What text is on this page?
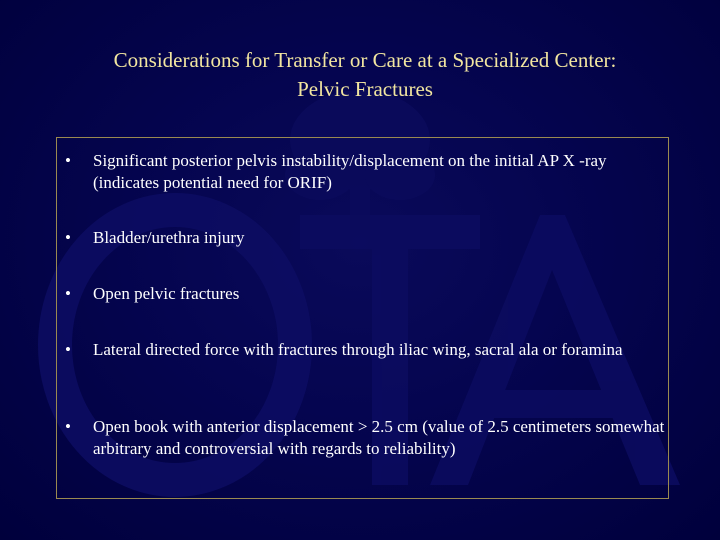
Considerations for Transfer or Care at a Specialized Center:
Pelvic Fractures
•	Significant posterior pelvis instability/displacement on the initial AP X -ray (indicates potential need for ORIF)
•	Bladder/urethra injury
•	Open pelvic fractures
•	Lateral directed force with fractures through iliac wing, sacral ala or foramina
•	Open book with anterior displacement > 2.5 cm (value of 2.5 centimeters somewhat arbitrary and controversial with regards to reliability)
